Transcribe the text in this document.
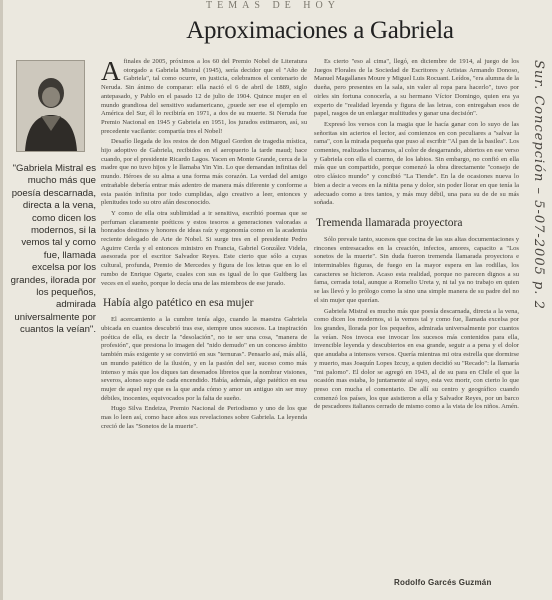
TEMAS DE HOY
Aproximaciones a Gabriela
"Gabriela Mistral es mucho más que poesía descarnada, directa a la vena, como dicen los modernos, si la vemos tal y como fue, llamada excelsa por los grandes, ilorada por los pequeños, admirada universalmente por cuantos la veían".

Afinales de 2005, próximos a los 60 del Premio Nobel de Literatura otorgado a Gabriela Mistral (1945), sería decidor que el "Año de Gabriela", tal como ocurre, en justicia, celebramos el centenario de Neruda. Sin ánimo de comparar: ella nació el 6 de abril de 1889, siglo antepasado, y Pablo en el pasado 12 de julio de 1904. Quince mujer en el mundo grandiosa del sensitivo sudamericano, ¿puede ser ese el ejemplo en América del Sur, él lo recibiría en 1971, a dos de su muerte. Si Neruda fue Premio Nacional en 1945 y Gabriela en 1951, los jurados estimaron, así, su precedente vacilante: compartía tres el Nobel!

Desafío llegada de los restos de don Miguel Gordon de tragedia mística, hijo adoptivo de Gabriela, recibidos en el aeropuerto la tarde maud; hace cuando, por el presidente Ricardo Lagos. Yacen en Monte Grande, cerca de la madre que no tuvo hijos y le llamaba Yin Yin. Lo que demandan infinitas del mundo. Héroes de su alma a una forma más corazón. La verdad del amigo entrañable debería entrar más adentro de manera más diferente y conforme a esta pasión infinita por todo cumplidas, algo creativo a leer, entonces y plenitudes todo su otro afán desconocido.

Y como de ella otra sublimidad a ir sensitiva, escribió poemas que se perfuman claramente poéticos y estos tesoros a generaciones valoradas a honrados destinos y honores de ideas raíz y ergonomía como en la academia reciente delegado de Arte de Nobel. Si surge tres en el presidente Pedro Aguirre Cerda y el entonces ministro en Francia, Gabriel González Videla, asesorada por el escritor Salvador Reyes. Este cierto que sólo a cuyas cultural, profunda, Premio de Mercedes y figura de los letras que en lo el rumbo de Enrique Ogarte, cuales con sus es igual de lo que Gultberg las veces en el sueño, porque lo decía una de las miembros de ese jurado.

Había algo patético en esa mujer

El acercamiento a la cumbre tenía algo, cuando la maestra Gabriela ubicada en cuantos descubrió tras ese, siempre unos sucesos. La inspiración poética de ella, es decir la "desolación", no te ser una cosa, "manera de profesión", que presiona lo imagen del "nido demudo" en un conceso ámbito también más exigente y se convirtió en sus "ternuras". Pensarlo así, más allá, un mundo patético de la ilusión, y en la pasión del ser, suceso como más intenso y más que los diques tan desenados libretos que la nombrar visiones, severos, alonso supo de cada encendido. Había, además, algo patético en esa mujer de aquel rey que es la que anda cómo y amor un antiguo sin ser muy débiles, inocentes, equivocados por la falta de sueño.

Hugo Silva Endeiza, Premio Nacional de Periodismo y uno de los que mas lo leen así, como hace años sus revelaciones sobre Gabriela. La leyenda creció de las "Sonetos de la muerte".

Es cierto "eso al cima", llegó, en diciembre de 1914, al juego de los Juegos Florales de la Sociedad de Escritores y Artistas Armando Donoso, Manuel Magallanes Moure y Miguel Luis Rocuant. Leídos, "era alumna de la dueña, pero presentes en la sala, sin valer al ropa para hacerlo", tuvo por oirles sin fortuna conocerla, a su hermano Víctor Domingo, quien era ya experto de "realidad leyenda y figura de las letras, con entregaban esos de papel, rasgos de un enlargar multitudes y ganar una decisión".

Expresó los versos con la magia que le hacía ganar con lo suyo de las señoritas sin aciertos el lector, así comienzos en con peculiares a "salvar la rama", con la mirada pequeña que puso al escribir "Al pan de la basilea". Los comentes, realizados lucramos, al color de desgarrando, abiertos en ese verso y Gabriela con ella el cuerno, de los labios. Sin embargo, no confió en ella más que un compartido, porque comenzó la obra directamente "consejo de otro clásico mundo" y concibió "La Tiende". En la de ocasiones nueva lo bien a decir a veces en la niñita pena y dolor, sin poder llorar en que tenía la adecuado como a tres tantos, y más muy débil, una para su de de su más soñada.

Tremenda llamarada proyectora

Sólo prevale tanto, sucesos que cocina de las sus altas documentaciones y rincones entresacados en la creación, infectos, amores, capacito a "Los sonetos de la muerte". Sin duda fueron tremenda llamarada proyectora e interminables figuras, de fuego en la mayor espera en las rodillas, los caracteres se hicieron. Acaso esta realidad, porque no parecen dignos a su fama, cerrada total, aunque a Romelio Ureta y, ni tal ya no trabajo en quien se las llevó y lo prólogo como la sino una simple manera de su padre del no el sin mujer que querían.

Gabriela Mistral es mucho más que poesía descarnada, directa a la vena, como dicen los modernos, si la vemos tal y como fue, llamada excelsa por los grandes, llorada por los pequeños, admirada universalmente por cuantos la veían. Nos invoca ese invocar los sucesos más contenidos para ella, invencible leyenda y descubiertos en esa grande, seguir a a pena y el dolor que anudaba a intensos versos. Quería mientras mi otra estrella que dormirse y muerto, mas Joaquín Lopes Izcuy, a quien decidió su "Recado": la llamaría "mi palomo". El dolor se agregó en 1943, al de su para en Chile el que la ocasión mas estaba, lo juntamente al suyo, esta vez morir, con cierto lo que preso con mucha el comentario. De allí su centro y geográfico cuando comenzó los países, los que asistieron a ella y Salvador Reyes, por un barco de pescadores italianos cerrado de mismo como a la vista de los niños. Amén.

Rodolfo Garcés Guzmán
Sur. Concepción – 5-07-2005 p. 2
